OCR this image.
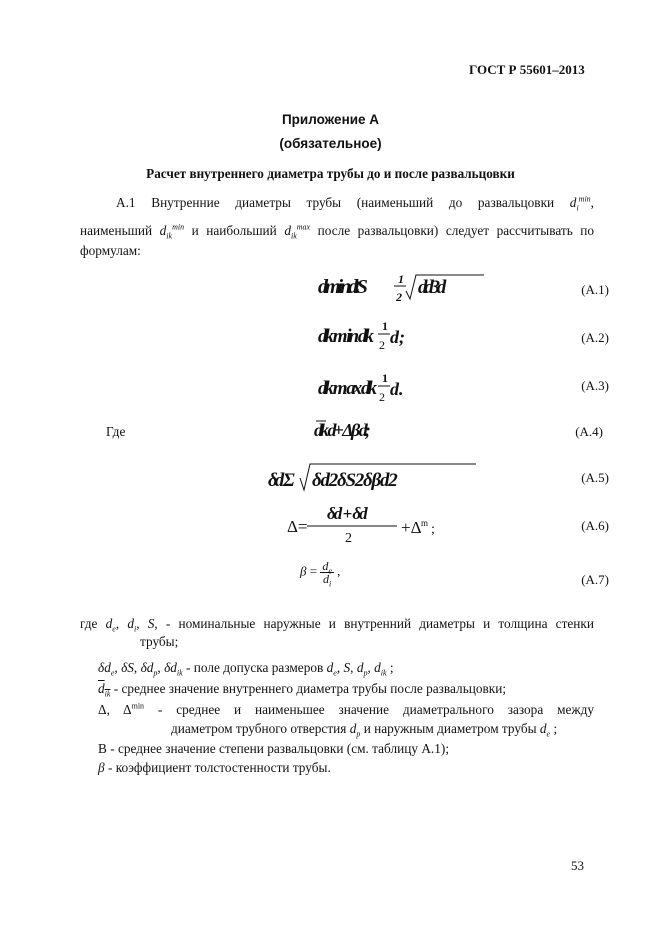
ГОСТ Р 55601–2013
Приложение А
(обязательное)
Расчет внутреннего диаметра трубы до и после развальцовки
А.1 Внутренние диаметры трубы (наименьший до развальцовки $d_i^{min}$,
наименьший $d_{ik}^{min}$ и наибольший $d_{ik}^{max}$ после развальцовки) следует рассчитывать по
формулам:
d m i n dt S	1
2 d d 3 d	(А.1)
dk m in dk 1
2 d;	(А.2)
dk m ax dk 1
2 d.	(А.3)
Где	dk d+ Δ β d;	(А.4)
δd Σ δ d 2 δ S 2 δ β d 2	(А.5)
Δ=
δd + δd
2
+Δ m ;	(А.6)
$\beta = \frac{d_e}{d_i}$ ,
(А.7)
где $d_e$, $d_i$, S, - номинальные наружные и внутренний диаметры и толщина стенки
трубы;
$\delta d_e$, δS, $\delta d_p$, $\delta d_{ik}$ - поле допуска размеров $d_e$, S, $d_p$, $d_{ik}$ ;
$d_{ik}$ - среднее значение внутреннего диаметра трубы после развальцовки;
Δ, $\Delta^{min}$ - среднее и наименьшее значение диаметрального зазора между
диаметром трубного отверстия $d_p$ и наружным диаметром трубы $d_e$ ;
В - среднее значение степени развальцовки (см. таблицу А.1);
β - коэффициент толстостенности трубы.
53
